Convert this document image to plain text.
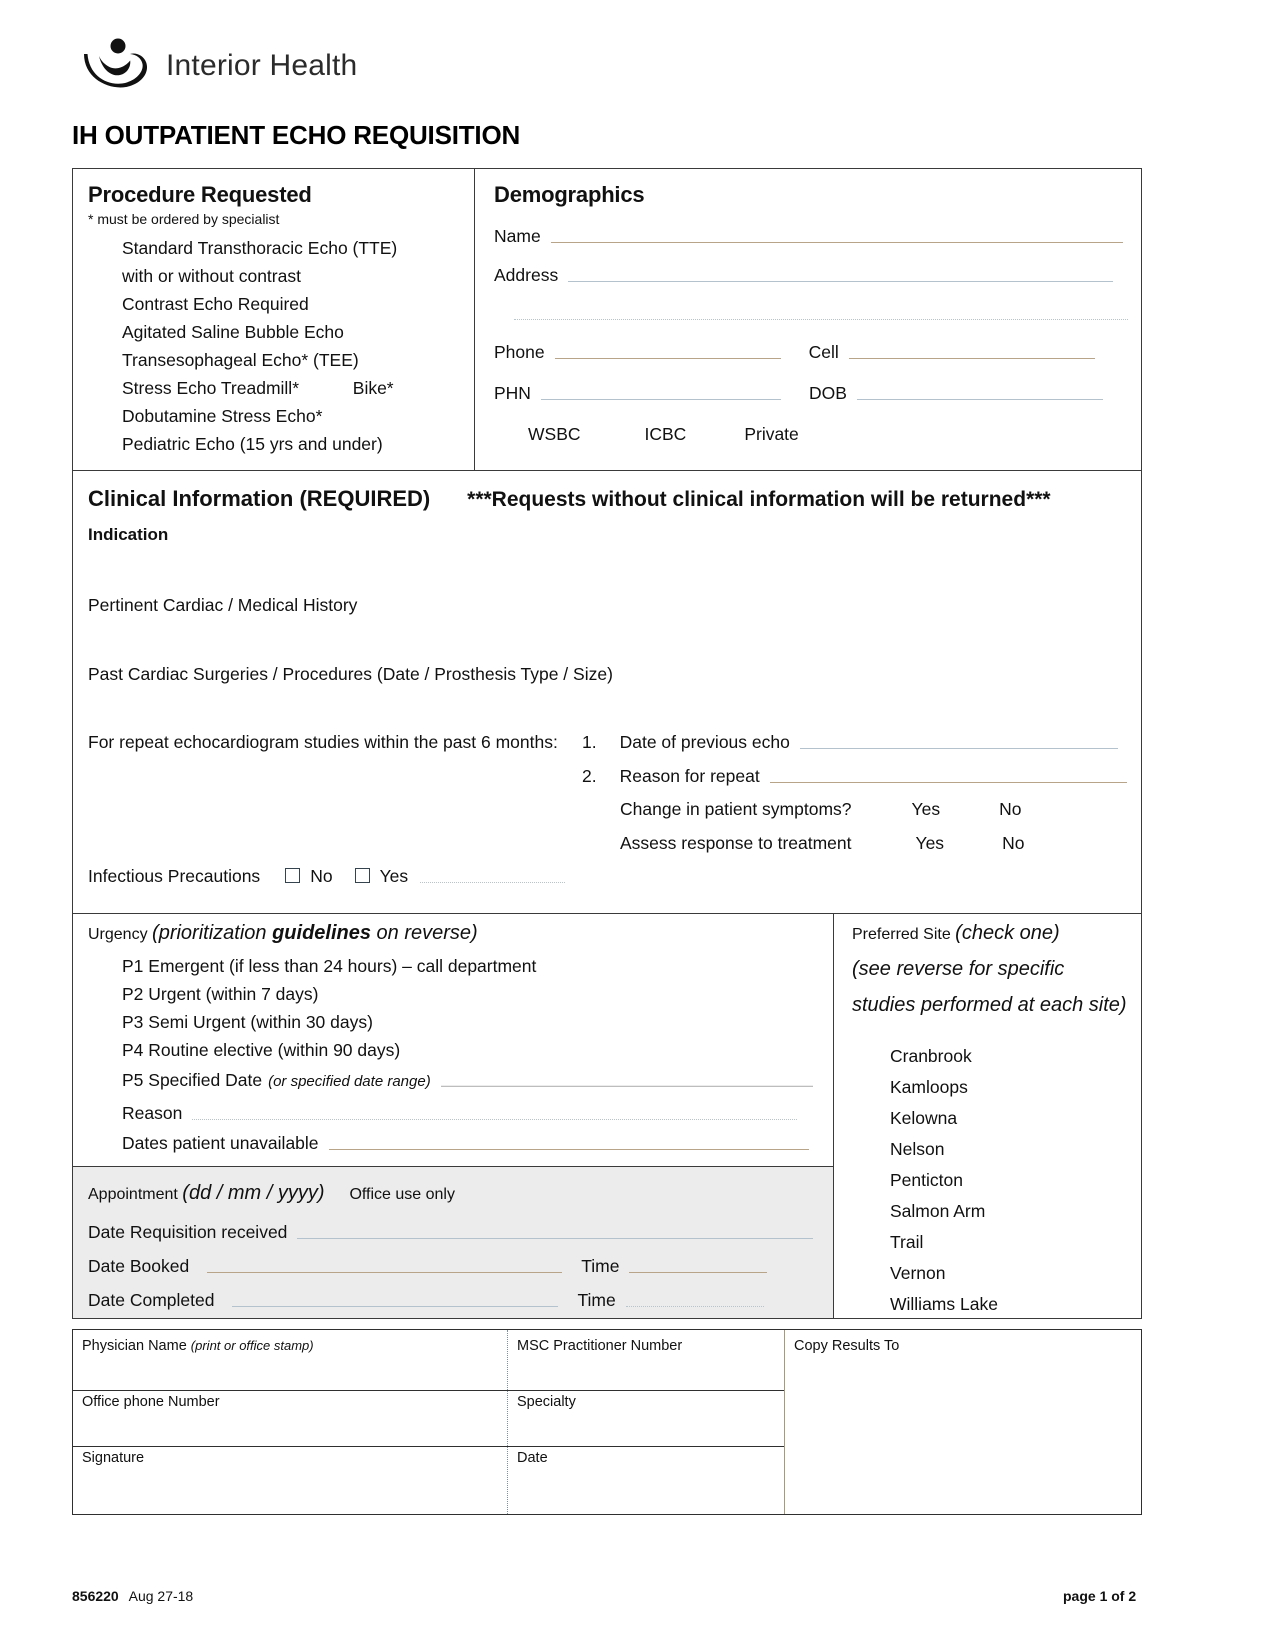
Interior Health
IH OUTPATIENT ECHO REQUISITION
Procedure Requested
* must be ordered by specialist
Standard Transthoracic Echo (TTE)
with or without contrast
Contrast Echo Required
Agitated Saline Bubble Echo
Transesophageal Echo* (TEE)
Stress Echo Treadmill*	Bike*
Dobutamine Stress Echo*
Pediatric Echo (15 yrs and under)
Demographics
Name
Address
Phone	Cell
PHN	DOB
WSBC	ICBC	Private
Clinical Information (REQUIRED) ***Requests without clinical information will be returned***
Indication
Pertinent Cardiac / Medical History
Past Cardiac Surgeries / Procedures (Date / Prosthesis Type / Size)
For repeat echocardiogram studies within the past 6 months: 1. Date of previous echo
2. Reason for repeat
Change in patient symptoms?	Yes	No
Assess response to treatment	Yes	No
Infectious Precautions	No	Yes
Urgency (prioritization guidelines on reverse)
P1 Emergent (if less than 24 hours) – call department
P2 Urgent (within 7 days)
P3 Semi Urgent (within 30 days)
P4 Routine elective (within 90 days)
P5 Specified Date (or specified date range)
Reason
Dates patient unavailable
Preferred Site (check one)
(see reverse for specific
studies performed at each site)
Cranbrook
Kamloops
Kelowna
Nelson
Penticton
Salmon Arm
Trail
Vernon
Williams Lake
Appointment (dd / mm / yyyy) Office use only
Date Requisition received
Date Booked	Time
Date Completed	Time
Physician Name (print or office stamp)	MSC Practitioner Number	Copy Results To
Office phone Number	Specialty
Signature	Date
856220 Aug 27-18	page 1 of 2
